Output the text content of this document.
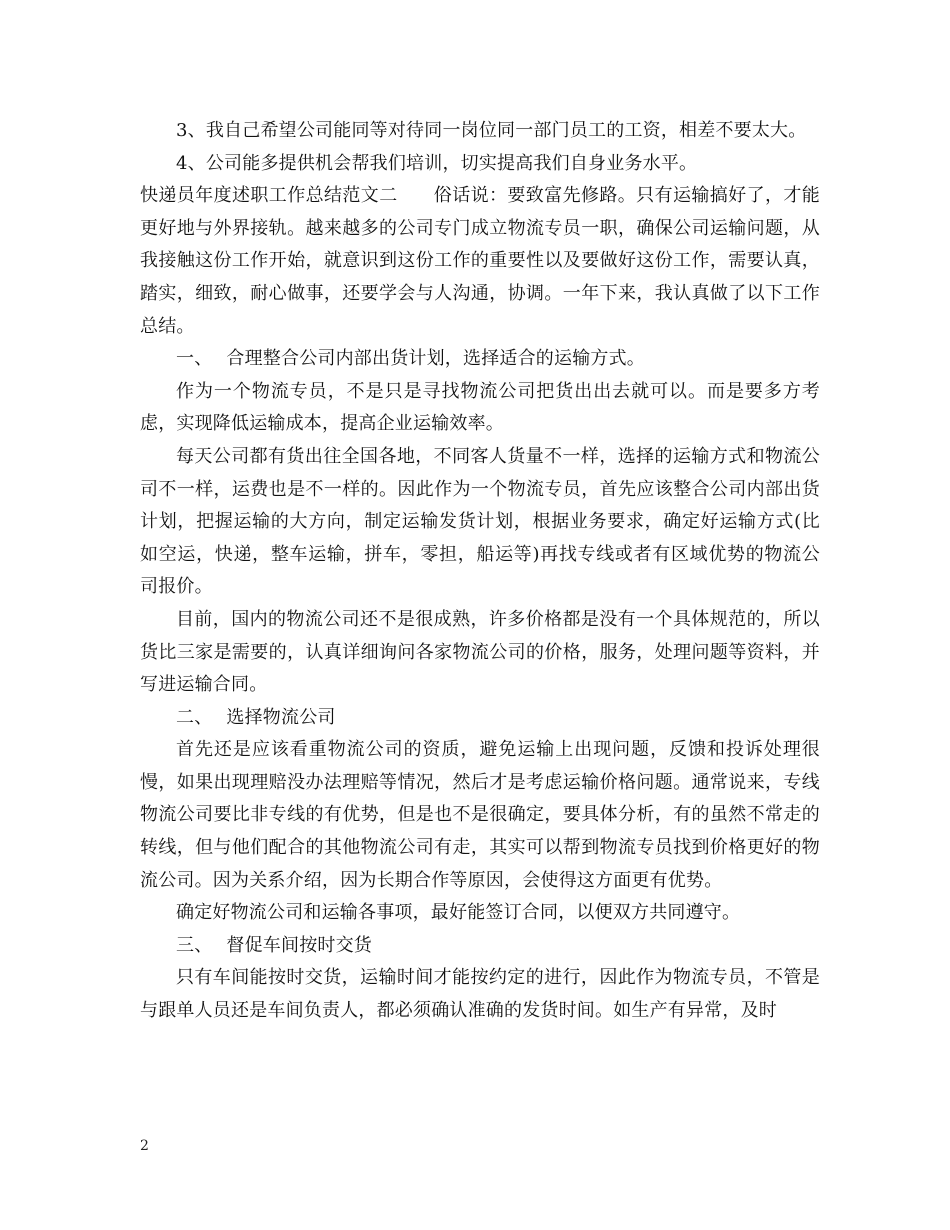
3、我自己希望公司能同等对待同一岗位同一部门员工的工资，相差不要太大。

4、公司能多提供机会帮我们培训，切实提高我们自身业务水平。

快递员年度述职工作总结范文二 俗话说：要致富先修路。只有运输搞好了，才能更好地与外界接轨。越来越多的公司专门成立物流专员一职，确保公司运输问题，从我接触这份工作开始，就意识到这份工作的重要性以及要做好这份工作，需要认真，踏实，细致，耐心做事，还要学会与人沟通，协调。一年下来，我认真做了以下工作总结。

一、 合理整合公司内部出货计划，选择适合的运输方式。

作为一个物流专员，不是只是寻找物流公司把货出出去就可以。而是要多方考虑，实现降低运输成本，提高企业运输效率。

每天公司都有货出往全国各地，不同客人货量不一样，选择的运输方式和物流公司不一样，运费也是不一样的。因此作为一个物流专员，首先应该整合公司内部出货计划，把握运输的大方向，制定运输发货计划，根据业务要求，确定好运输方式(比如空运，快递，整车运输，拼车，零担，船运等)再找专线或者有区域优势的物流公司报价。

目前，国内的物流公司还不是很成熟，许多价格都是没有一个具体规范的，所以货比三家是需要的，认真详细询问各家物流公司的价格，服务，处理问题等资料，并写进运输合同。

二、 选择物流公司

首先还是应该看重物流公司的资质，避免运输上出现问题，反馈和投诉处理很慢，如果出现理赔没办法理赔等情况，然后才是考虑运输价格问题。通常说来，专线物流公司要比非专线的有优势，但是也不是很确定，要具体分析，有的虽然不常走的转线，但与他们配合的其他物流公司有走，其实可以帮到物流专员找到价格更好的物流公司。因为关系介绍，因为长期合作等原因，会使得这方面更有优势。

确定好物流公司和运输各事项，最好能签订合同，以便双方共同遵守。

三、 督促车间按时交货

只有车间能按时交货，运输时间才能按约定的进行，因此作为物流专员，不管是与跟单人员还是车间负责人，都必须确认准确的发货时间。如生产有异常，及时

2
